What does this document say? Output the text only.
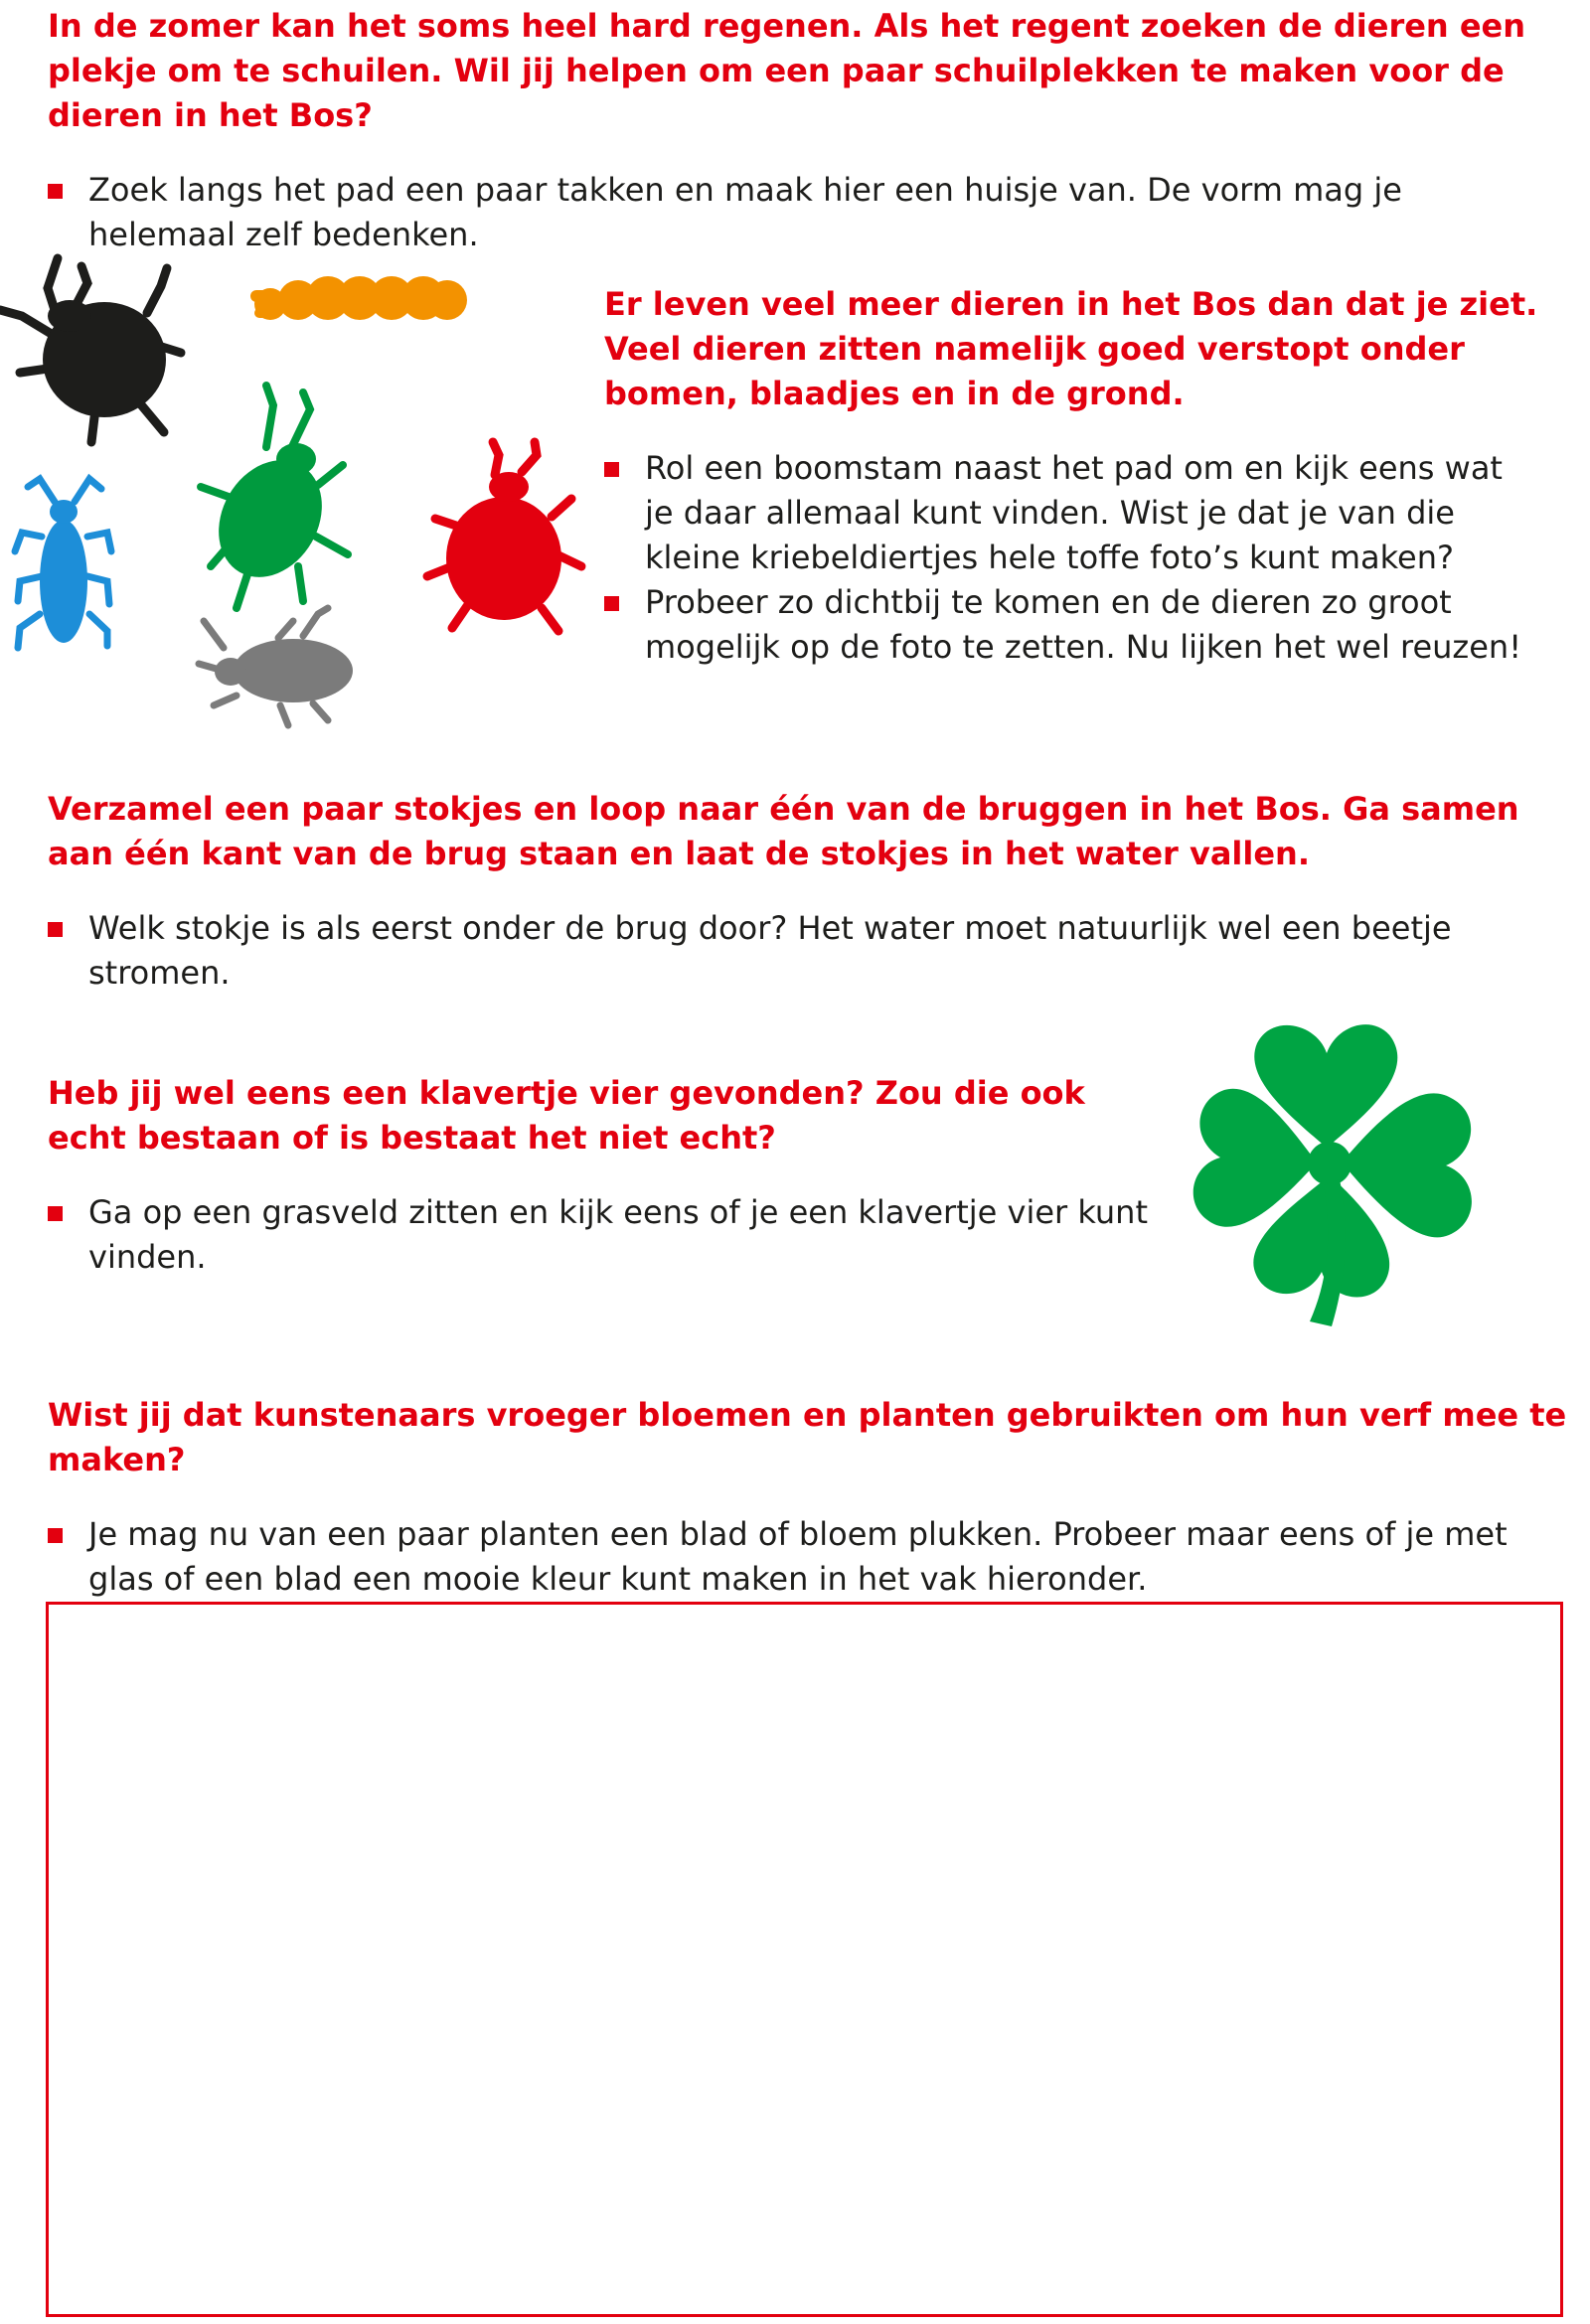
In de zomer kan het soms heel hard regenen. Als het regent zoeken de dieren een plekje om te schuilen. Wil jij helpen om een paar schuilplekken te maken voor de dieren in het Bos?
Zoek langs het pad een paar takken en maak hier een huisje van. De vorm mag je helemaal zelf bedenken.
Er leven veel meer dieren in het Bos dan dat je ziet. Veel dieren zitten namelijk goed verstopt onder bomen, blaadjes en in de grond.
Rol een boomstam naast het pad om en kijk eens wat je daar allemaal kunt vinden. Wist je dat je van die kleine kriebeldiertjes hele toffe foto’s kunt maken?
Probeer zo dichtbij te komen en de dieren zo groot mogelijk op de foto te zetten. Nu lijken het wel reuzen!
Verzamel een paar stokjes en loop naar één van de bruggen in het Bos. Ga samen aan één kant van de brug staan en laat de stokjes in het water vallen.
Welk stokje is als eerst onder de brug door? Het water moet natuurlijk wel een beetje stromen.
Heb jij wel eens een klavertje vier gevonden? Zou die ook echt bestaan of is bestaat het niet echt?
Ga op een grasveld zitten en kijk eens of je een klavertje vier kunt vinden.
Wist jij dat kunstenaars vroeger bloemen en planten gebruikten om hun verf mee te maken?
Je mag nu van een paar planten een blad of bloem plukken. Probeer maar eens of je met glas of een blad een mooie kleur kunt maken in het vak hieronder.
